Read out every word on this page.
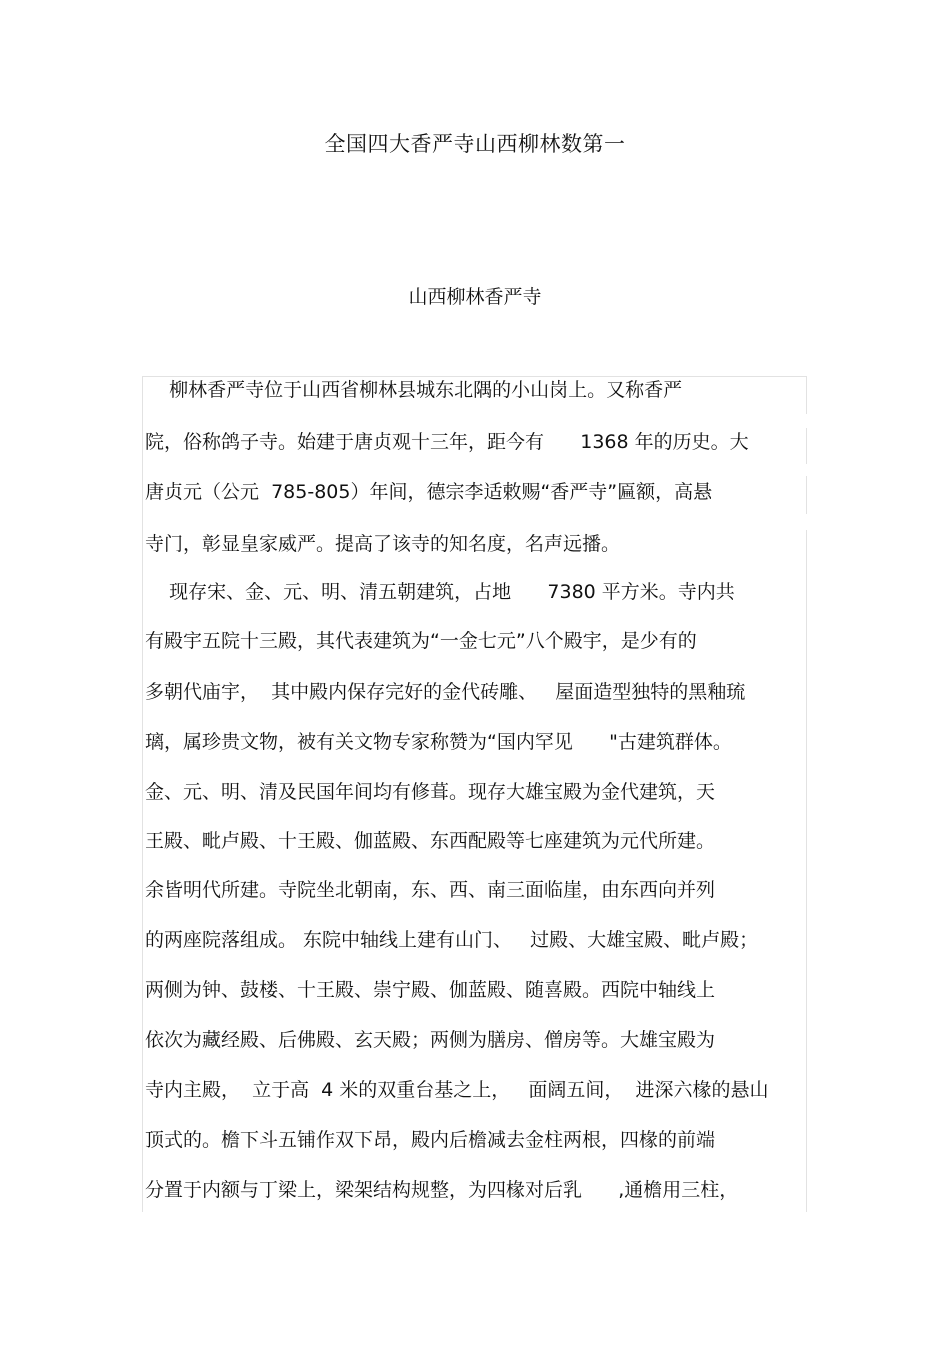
全国四大香严寺山西柳林数第一
山西柳林香严寺
柳林香严寺位于山西省柳林县城东北隅的小山岗上。又称香严
院，俗称鸽子寺。始建于唐贞观十三年，距今有      1368 年的历史。大
唐贞元（公元  785-805）年间，德宗李适敕赐“香严寺”匾额，高悬
寺门，彰显皇家威严。提高了该寺的知名度，名声远播。
现存宋、金、元、明、清五朝建筑，占地      7380 平方米。寺内共
有殿宇五院十三殿，其代表建筑为“一金七元”八个殿宇，是少有的
多朝代庙宇，  其中殿内保存完好的金代砖雕、   屋面造型独特的黑釉琉
璃，属珍贵文物，被有关文物专家称赞为“国内罕见      "古建筑群体。
金、元、明、清及民国年间均有修葺。现存大雄宝殿为金代建筑，天
王殿、毗卢殿、十王殿、伽蓝殿、东西配殿等七座建筑为元代所建。
余皆明代所建。寺院坐北朝南，东、西、南三面临崖，由东西向并列
的两座院落组成。 东院中轴线上建有山门、   过殿、大雄宝殿、毗卢殿；
两侧为钟、鼓楼、十王殿、崇宁殿、伽蓝殿、随喜殿。西院中轴线上
依次为藏经殿、后佛殿、玄天殿；两侧为膳房、僧房等。大雄宝殿为
寺内主殿，  立于高  4 米的双重台基之上，   面阔五间，  进深六椽的悬山
顶式的。檐下斗五铺作双下昂，殿内后檐减去金柱两根，四椽的前端
分置于内额与丁梁上，梁架结构规整，为四椽对后乳      ,通檐用三柱，
